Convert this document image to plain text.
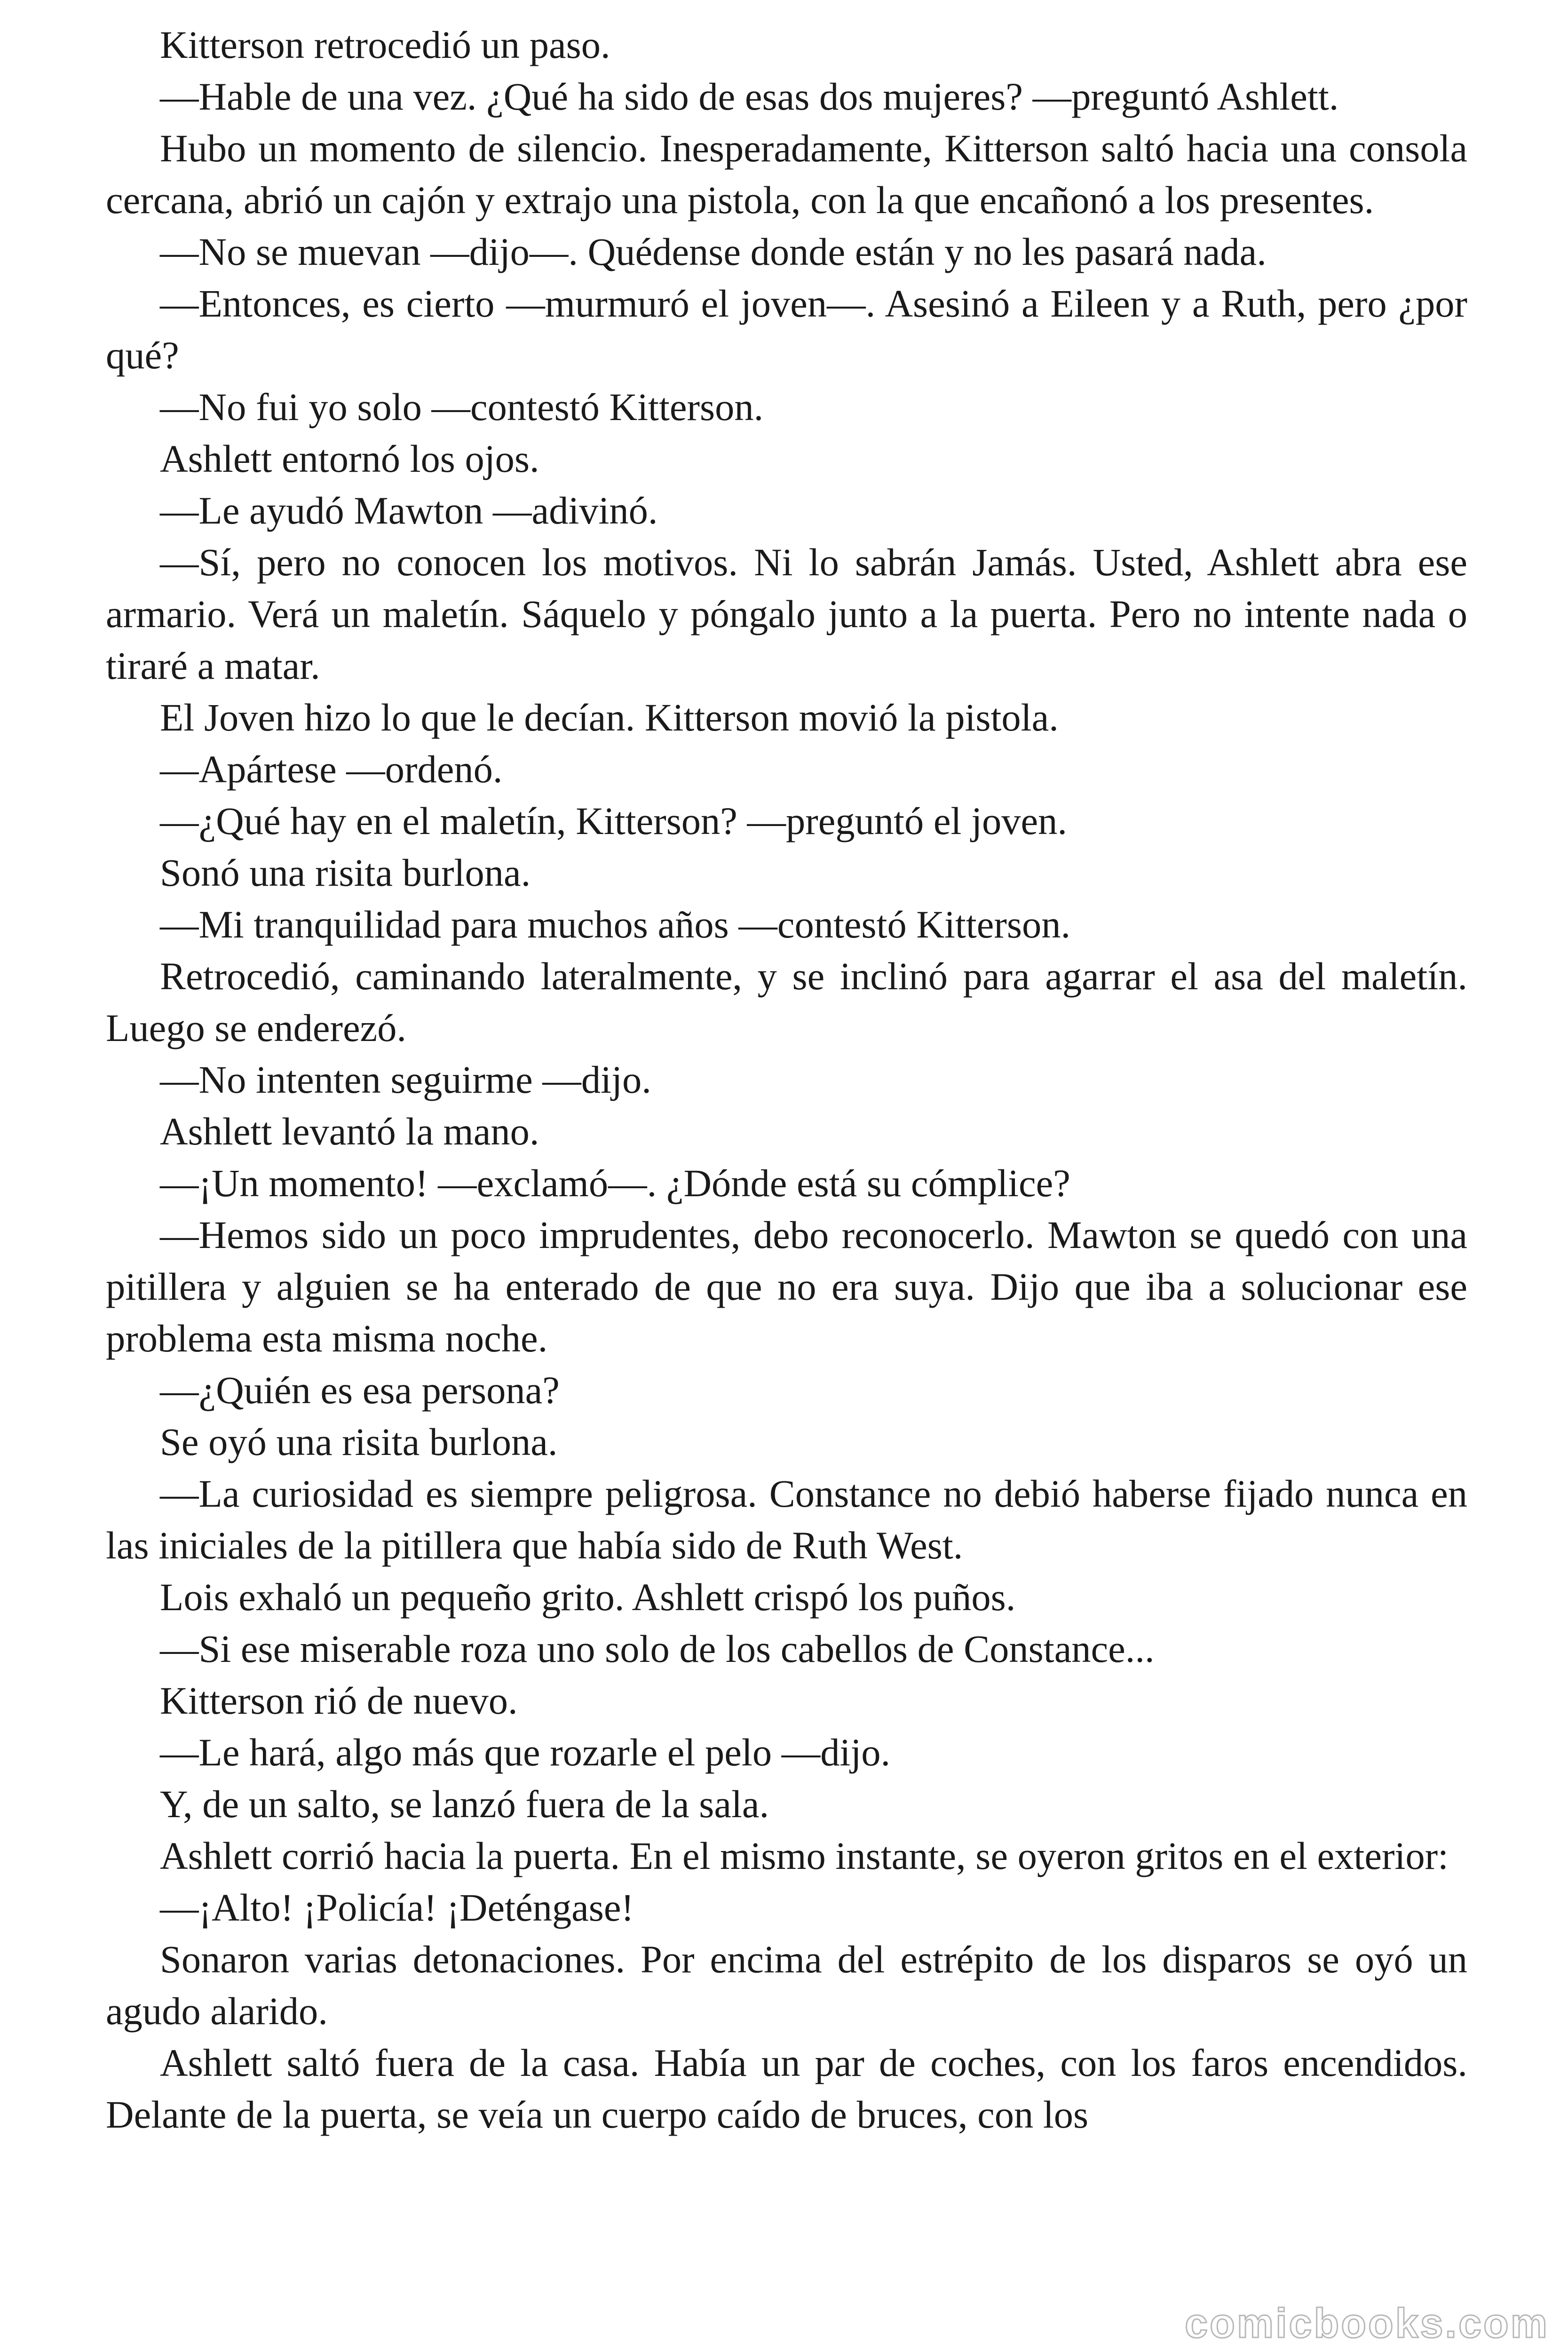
Kitterson retrocedió un paso.

—Hable de una vez. ¿Qué ha sido de esas dos mujeres? —preguntó Ashlett.

Hubo un momento de silencio. Inesperadamente, Kitterson saltó hacia una consola cercana, abrió un cajón y extrajo una pistola, con la que encañonó a los presentes.

—No se muevan —dijo—. Quédense donde están y no les pasará nada.

—Entonces, es cierto —murmuró el joven—. Asesinó a Eileen y a Ruth, pero ¿por qué?

—No fui yo solo —contestó Kitterson.

Ashlett entornó los ojos.

—Le ayudó Mawton —adivinó.

—Sí, pero no conocen los motivos. Ni lo sabrán Jamás. Usted, Ashlett abra ese armario. Verá un maletín. Sáquelo y póngalo junto a la puerta. Pero no intente nada o tiraré a matar.

El Joven hizo lo que le decían. Kitterson movió la pistola.

—Apártese —ordenó.

—¿Qué hay en el maletín, Kitterson? —preguntó el joven.

Sonó una risita burlona.

—Mi tranquilidad para muchos años —contestó Kitterson.

Retrocedió, caminando lateralmente, y se inclinó para agarrar el asa del maletín. Luego se enderezó.

—No intenten seguirme —dijo.

Ashlett levantó la mano.

—¡Un momento! —exclamó—. ¿Dónde está su cómplice?

—Hemos sido un poco imprudentes, debo reconocerlo. Mawton se quedó con una pitillera y alguien se ha enterado de que no era suya. Dijo que iba a solucionar ese problema esta misma noche.

—¿Quién es esa persona?

Se oyó una risita burlona.

—La curiosidad es siempre peligrosa. Constance no debió haberse fijado nunca en las iniciales de la pitillera que había sido de Ruth West.

Lois exhaló un pequeño grito. Ashlett crispó los puños.

—Si ese miserable roza uno solo de los cabellos de Constance...

Kitterson rió de nuevo.

—Le hará, algo más que rozarle el pelo —dijo.

Y, de un salto, se lanzó fuera de la sala.

Ashlett corrió hacia la puerta. En el mismo instante, se oyeron gritos en el exterior:

—¡Alto! ¡Policía! ¡Deténgase!

Sonaron varias detonaciones. Por encima del estrépito de los disparos se oyó un agudo alarido.

Ashlett saltó fuera de la casa. Había un par de coches, con los faros encendidos. Delante de la puerta, se veía un cuerpo caído de bruces, con los

comicbooks.com
